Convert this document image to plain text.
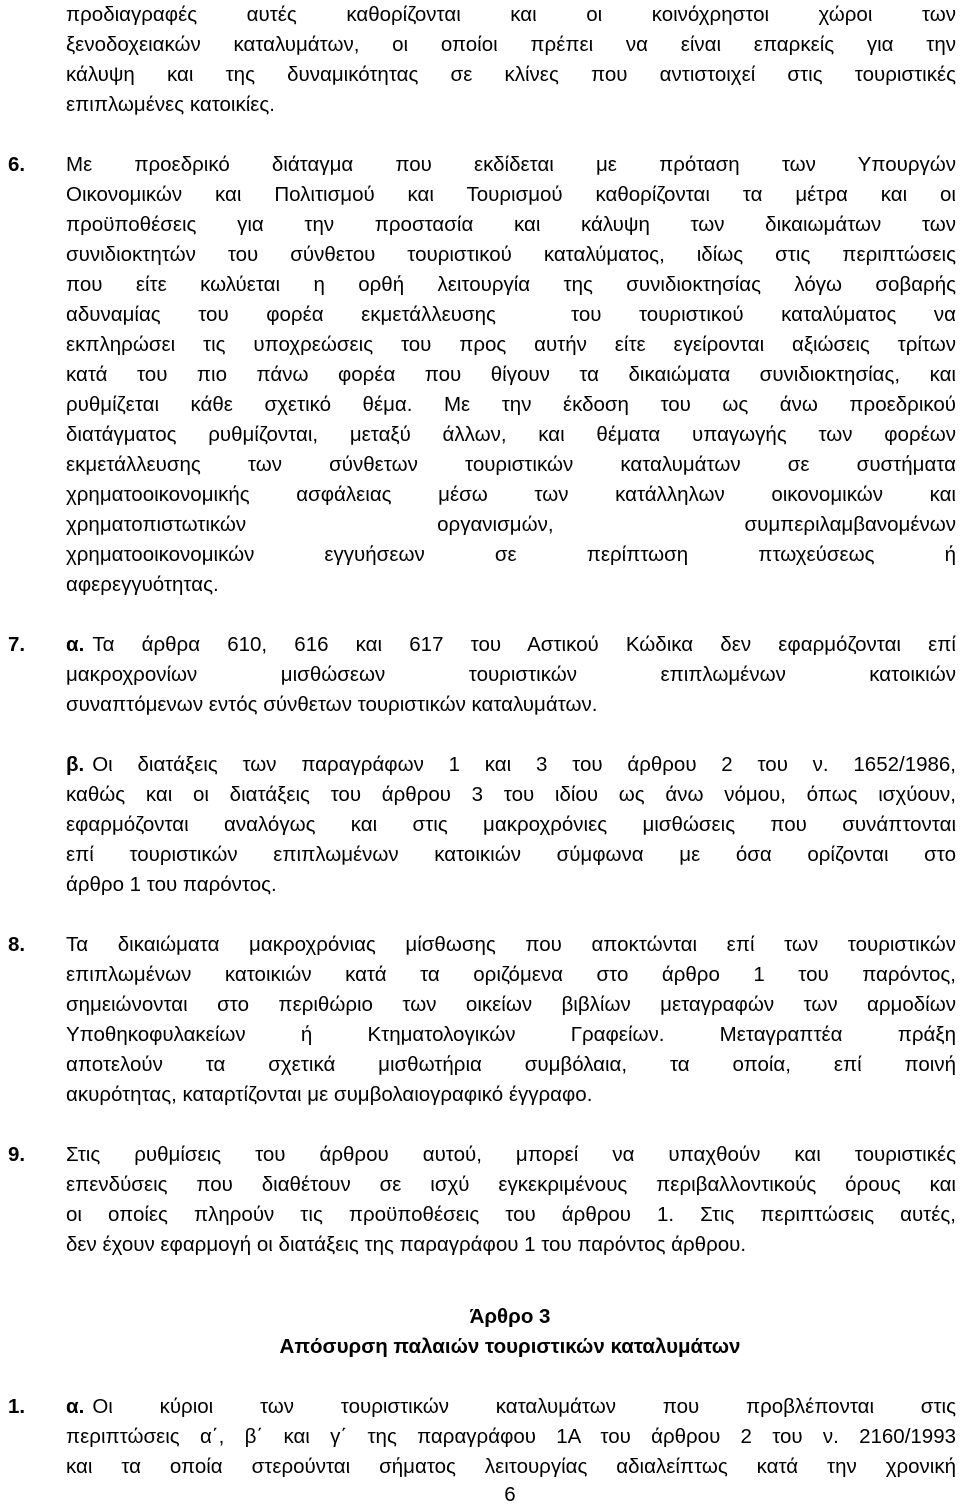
προδιαγραφές αυτές καθορίζονται και οι κοινόχρηστοι χώροι των
ξενοδοχειακών καταλυμάτων, οι οποίοι πρέπει να είναι επαρκείς για την
κάλυψη και της δυναμικότητας σε κλίνες που αντιστοιχεί στις τουριστικές
επιπλωμένες κατοικίες.
6. Με προεδρικό διάταγμα που εκδίδεται με πρόταση των Υπουργών
Οικονομικών και Πολιτισμού και Τουρισμού καθορίζονται τα μέτρα και οι
προϋποθέσεις για την προστασία και κάλυψη των δικαιωμάτων των
συνιδιοκτητών του σύνθετου τουριστικού καταλύματος, ιδίως στις περιπτώσεις
που είτε κωλύεται η ορθή λειτουργία της συνιδιοκτησίας λόγω σοβαρής
αδυναμίας του φορέα εκμετάλλευσης  του τουριστικού καταλύματος να
εκπληρώσει τις υποχρεώσεις του προς αυτήν είτε εγείρονται αξιώσεις τρίτων
κατά του πιο πάνω φορέα που θίγουν τα δικαιώματα συνιδιοκτησίας, και
ρυθμίζεται κάθε σχετικό θέμα. Με την έκδοση του ως άνω προεδρικού
διατάγματος ρυθμίζονται, μεταξύ άλλων, και θέματα υπαγωγής των φορέων
εκμετάλλευσης των σύνθετων τουριστικών καταλυμάτων σε συστήματα
χρηματοοικονομικής ασφάλειας μέσω των κατάλληλων οικονομικών και
χρηματοπιστωτικών οργανισμών, συμπεριλαμβανομένων
χρηματοοικονομικών εγγυήσεων σε περίπτωση πτωχεύσεως ή
αφερεγγυότητας.
7. α. Τα άρθρα 610, 616 και 617 του Αστικού Κώδικα δεν εφαρμόζονται επί
μακροχρονίων μισθώσεων τουριστικών επιπλωμένων κατοικιών
συναπτόμενων εντός σύνθετων τουριστικών καταλυμάτων.
β. Οι διατάξεις των παραγράφων 1 και 3 του άρθρου 2 του ν. 1652/1986,
καθώς και οι διατάξεις του άρθρου 3 του ιδίου ως άνω νόμου, όπως ισχύουν,
εφαρμόζονται αναλόγως και στις μακροχρόνιες μισθώσεις που συνάπτονται
επί τουριστικών επιπλωμένων κατοικιών σύμφωνα με όσα ορίζονται στο
άρθρο 1 του παρόντος.
8. Τα δικαιώματα μακροχρόνιας μίσθωσης που αποκτώνται επί των τουριστικών
επιπλωμένων κατοικιών κατά τα οριζόμενα στο άρθρο 1 του παρόντος,
σημειώνονται στο περιθώριο των οικείων βιβλίων μεταγραφών των αρμοδίων
Υποθηκοφυλακείων ή Κτηματολογικών Γραφείων. Μεταγραπτέα πράξη
αποτελούν τα σχετικά μισθωτήρια συμβόλαια, τα οποία, επί ποινή
ακυρότητας, καταρτίζονται με συμβολαιογραφικό έγγραφο.
9. Στις ρυθμίσεις του άρθρου αυτού, μπορεί να υπαχθούν και τουριστικές
επενδύσεις που διαθέτουν σε ισχύ εγκεκριμένους περιβαλλοντικούς όρους και
οι οποίες πληρούν τις προϋποθέσεις του άρθρου 1. Στις περιπτώσεις αυτές,
δεν έχουν εφαρμογή οι διατάξεις της παραγράφου 1 του παρόντος άρθρου.
Άρθρο 3
Απόσυρση παλαιών τουριστικών καταλυμάτων
1. α. Οι κύριοι των τουριστικών καταλυμάτων που προβλέπονται στις
περιπτώσεις α΄, β΄ και γ΄ της παραγράφου 1Α του άρθρου 2 του ν. 2160/1993
και τα οποία στερούνται σήματος λειτουργίας αδιαλείπτως κατά την χρονική
6
